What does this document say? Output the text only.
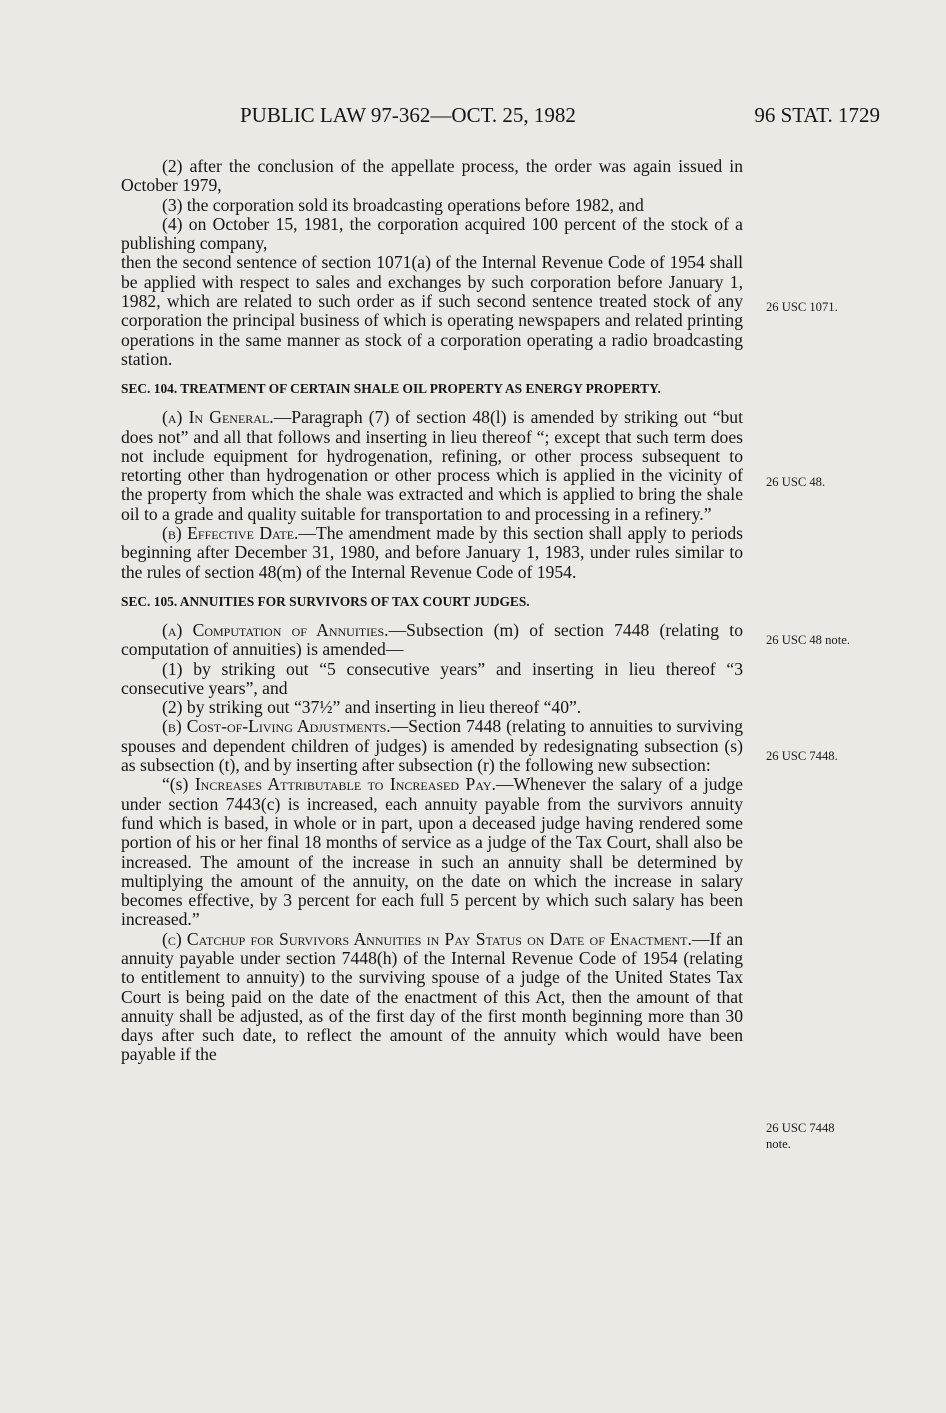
PUBLIC LAW 97-362—OCT. 25, 1982	96 STAT. 1729

(2) after the conclusion of the appellate process, the order was again issued in October 1979,

(3) the corporation sold its broadcasting operations before 1982, and

(4) on October 15, 1981, the corporation acquired 100 percent of the stock of a publishing company,

then the second sentence of section 1071(a) of the Internal Revenue Code of 1954 shall be applied with respect to sales and exchanges by such corporation before January 1, 1982, which are related to such order as if such second sentence treated stock of any corporation the principal business of which is operating newspapers and related printing operations in the same manner as stock of a corporation operating a radio broadcasting station.

SEC. 104. TREATMENT OF CERTAIN SHALE OIL PROPERTY AS ENERGY PROPERTY.

(a) In General.—Paragraph (7) of section 48(l) is amended by striking out “but does not” and all that follows and inserting in lieu thereof “; except that such term does not include equipment for hydrogenation, refining, or other process subsequent to retorting other than hydrogenation or other process which is applied in the vicinity of the property from which the shale was extracted and which is applied to bring the shale oil to a grade and quality suitable for transportation to and processing in a refinery.”

(b) Effective Date.—The amendment made by this section shall apply to periods beginning after December 31, 1980, and before January 1, 1983, under rules similar to the rules of section 48(m) of the Internal Revenue Code of 1954.

SEC. 105. ANNUITIES FOR SURVIVORS OF TAX COURT JUDGES.

(a) Computation of Annuities.—Subsection (m) of section 7448 (relating to computation of annuities) is amended—

(1) by striking out “5 consecutive years” and inserting in lieu thereof “3 consecutive years”, and

(2) by striking out “37½” and inserting in lieu thereof “40”.

(b) Cost-of-Living Adjustments.—Section 7448 (relating to annuities to surviving spouses and dependent children of judges) is amended by redesignating subsection (s) as subsection (t), and by inserting after subsection (r) the following new subsection:

“(s) Increases Attributable to Increased Pay.—Whenever the salary of a judge under section 7443(c) is increased, each annuity payable from the survivors annuity fund which is based, in whole or in part, upon a deceased judge having rendered some portion of his or her final 18 months of service as a judge of the Tax Court, shall also be increased. The amount of the increase in such an annuity shall be determined by multiplying the amount of the annuity, on the date on which the increase in salary becomes effective, by 3 percent for each full 5 percent by which such salary has been increased.”

(c) Catchup for Survivors Annuities in Pay Status on Date of Enactment.—If an annuity payable under section 7448(h) of the Internal Revenue Code of 1954 (relating to entitlement to annuity) to the surviving spouse of a judge of the United States Tax Court is being paid on the date of the enactment of this Act, then the amount of that annuity shall be adjusted, as of the first day of the first month beginning more than 30 days after such date, to reflect the amount of the annuity which would have been payable if the

26 USC 1071.
26 USC 48.
26 USC 48 note.
26 USC 7448.
26 USC 7448 note.
